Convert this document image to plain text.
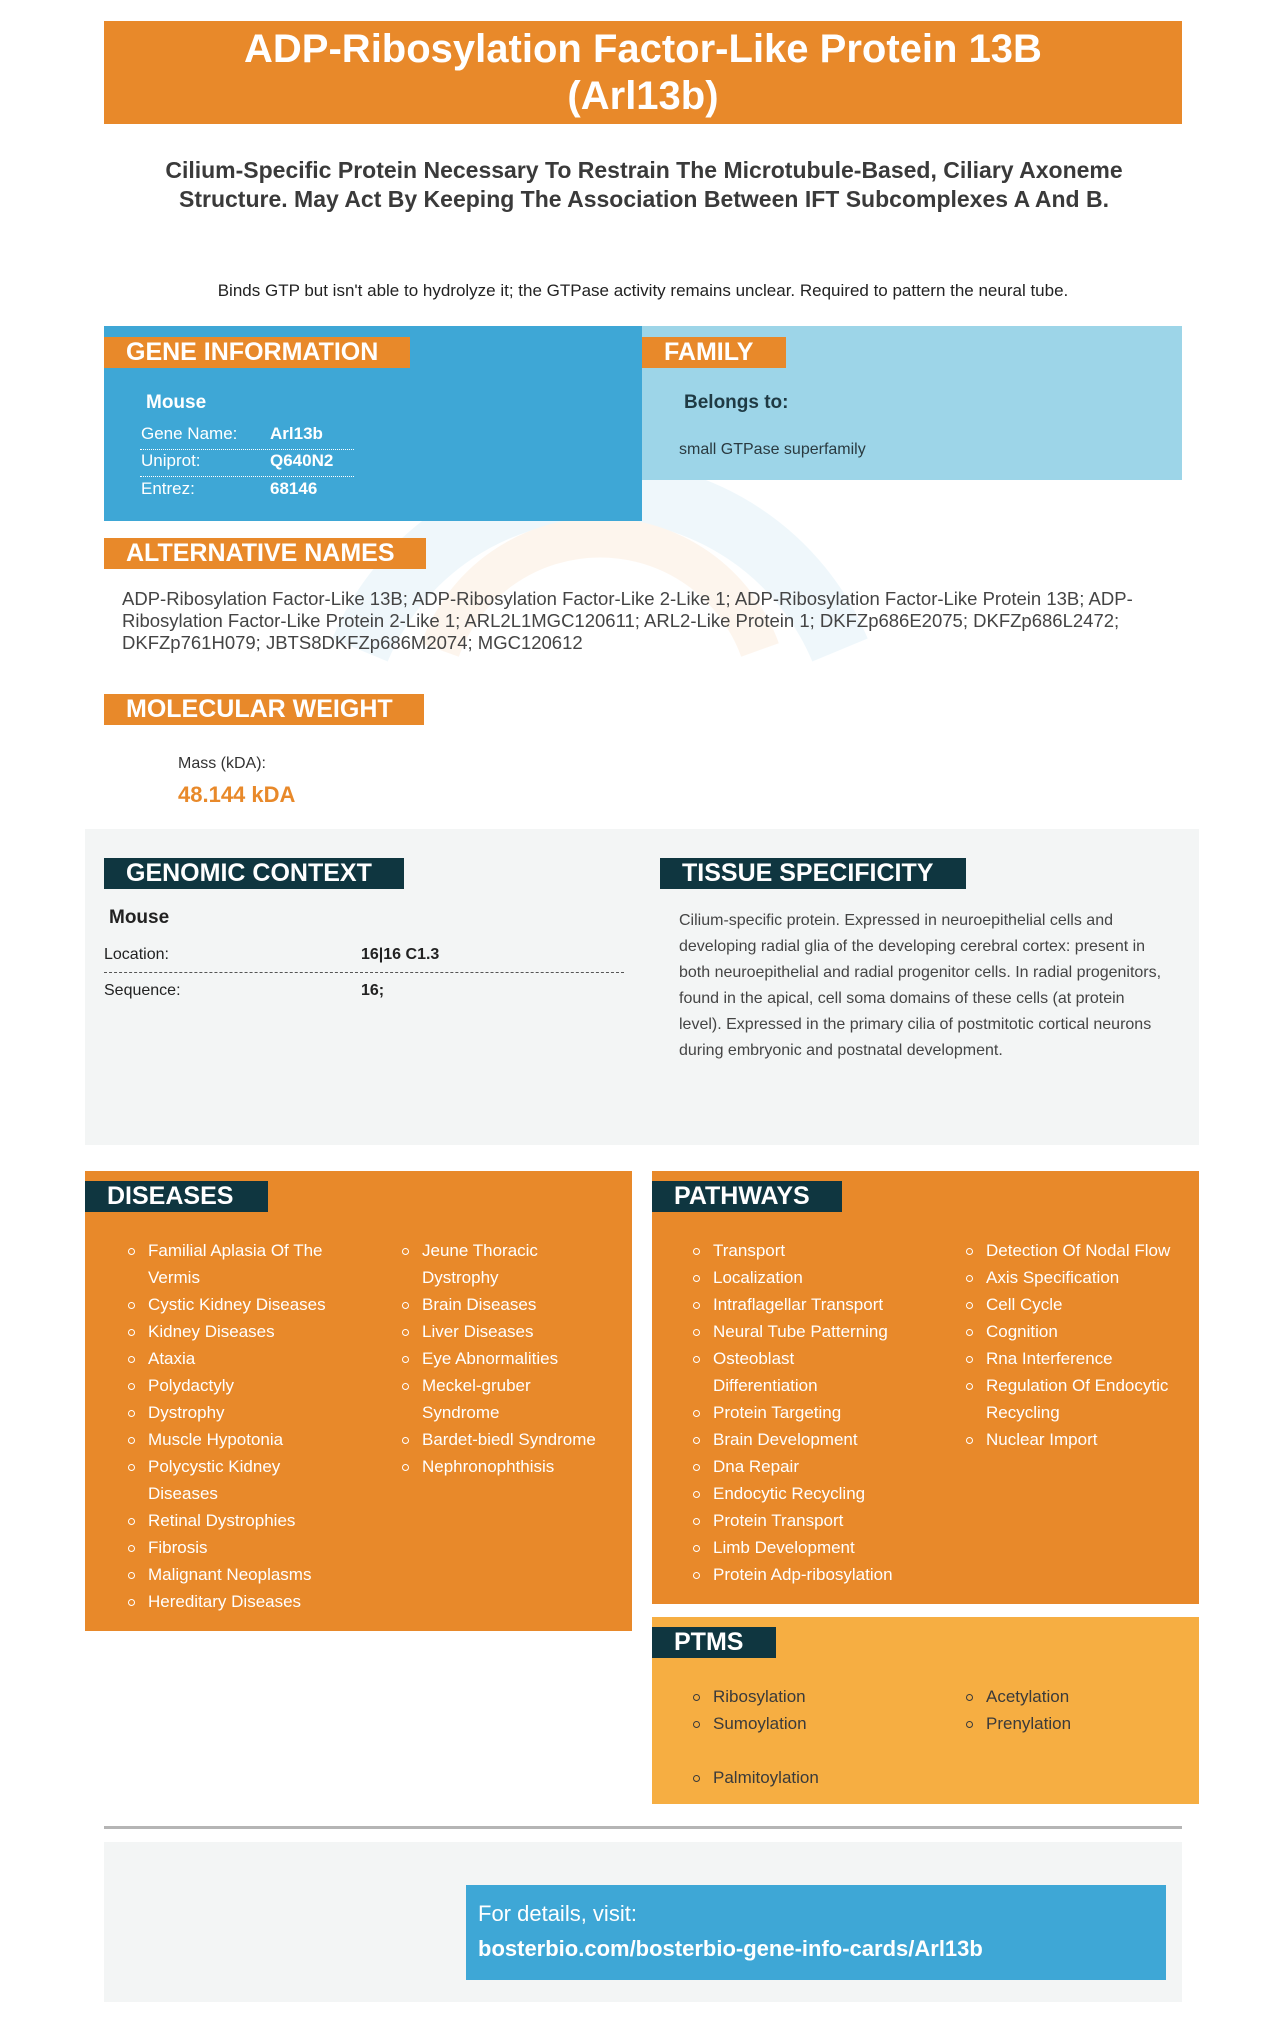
ADP-Ribosylation Factor-Like Protein 13B (Arl13b)
Cilium-Specific Protein Necessary To Restrain The Microtubule-Based, Ciliary Axoneme Structure. May Act By Keeping The Association Between IFT Subcomplexes A And B.
Binds GTP but isn't able to hydrolyze it; the GTPase activity remains unclear. Required to pattern the neural tube.
GENE INFORMATION
Mouse
Gene Name: Arl13b
Uniprot:	Q640N2
Entrez:	68146
FAMILY
Belongs to:
small GTPase superfamily
ALTERNATIVE NAMES
ADP-Ribosylation Factor-Like 13B; ADP-Ribosylation Factor-Like 2-Like 1; ADP-Ribosylation Factor-Like Protein 13B; ADP-Ribosylation Factor-Like Protein 2-Like 1; ARL2L1MGC120611; ARL2-Like Protein 1; DKFZp686E2075; DKFZp686L2472; DKFZp761H079; JBTS8DKFZp686M2074; MGC120612
MOLECULAR WEIGHT
Mass (kDA):
48.144 kDA
GENOMIC CONTEXT
Mouse
Location:	16|16 C1.3
Sequence:	16;
TISSUE SPECIFICITY
Cilium-specific protein. Expressed in neuroepithelial cells and developing radial glia of the developing cerebral cortex: present in both neuroepithelial and radial progenitor cells. In radial progenitors, found in the apical, cell soma domains of these cells (at protein level). Expressed in the primary cilia of postmitotic cortical neurons during embryonic and postnatal development.
DISEASES
Familial Aplasia Of The Vermis
Cystic Kidney Diseases
Kidney Diseases
Ataxia
Polydactyly
Dystrophy
Muscle Hypotonia
Polycystic Kidney Diseases
Retinal Dystrophies
Fibrosis
Malignant Neoplasms
Hereditary Diseases
Jeune Thoracic Dystrophy
Brain Diseases
Liver Diseases
Eye Abnormalities
Meckel-gruber Syndrome
Bardet-biedl Syndrome
Nephronophthisis
PATHWAYS
Transport
Localization
Intraflagellar Transport
Neural Tube Patterning
Osteoblast Differentiation
Protein Targeting
Brain Development
Dna Repair
Endocytic Recycling
Protein Transport
Limb Development
Protein Adp-ribosylation
Detection Of Nodal Flow
Axis Specification
Cell Cycle
Cognition
Rna Interference
Regulation Of Endocytic Recycling
Nuclear Import
PTMS
Ribosylation
Sumoylation
Acetylation
Prenylation
Palmitoylation
For details, visit:
bosterbio.com/bosterbio-gene-info-cards/Arl13b
